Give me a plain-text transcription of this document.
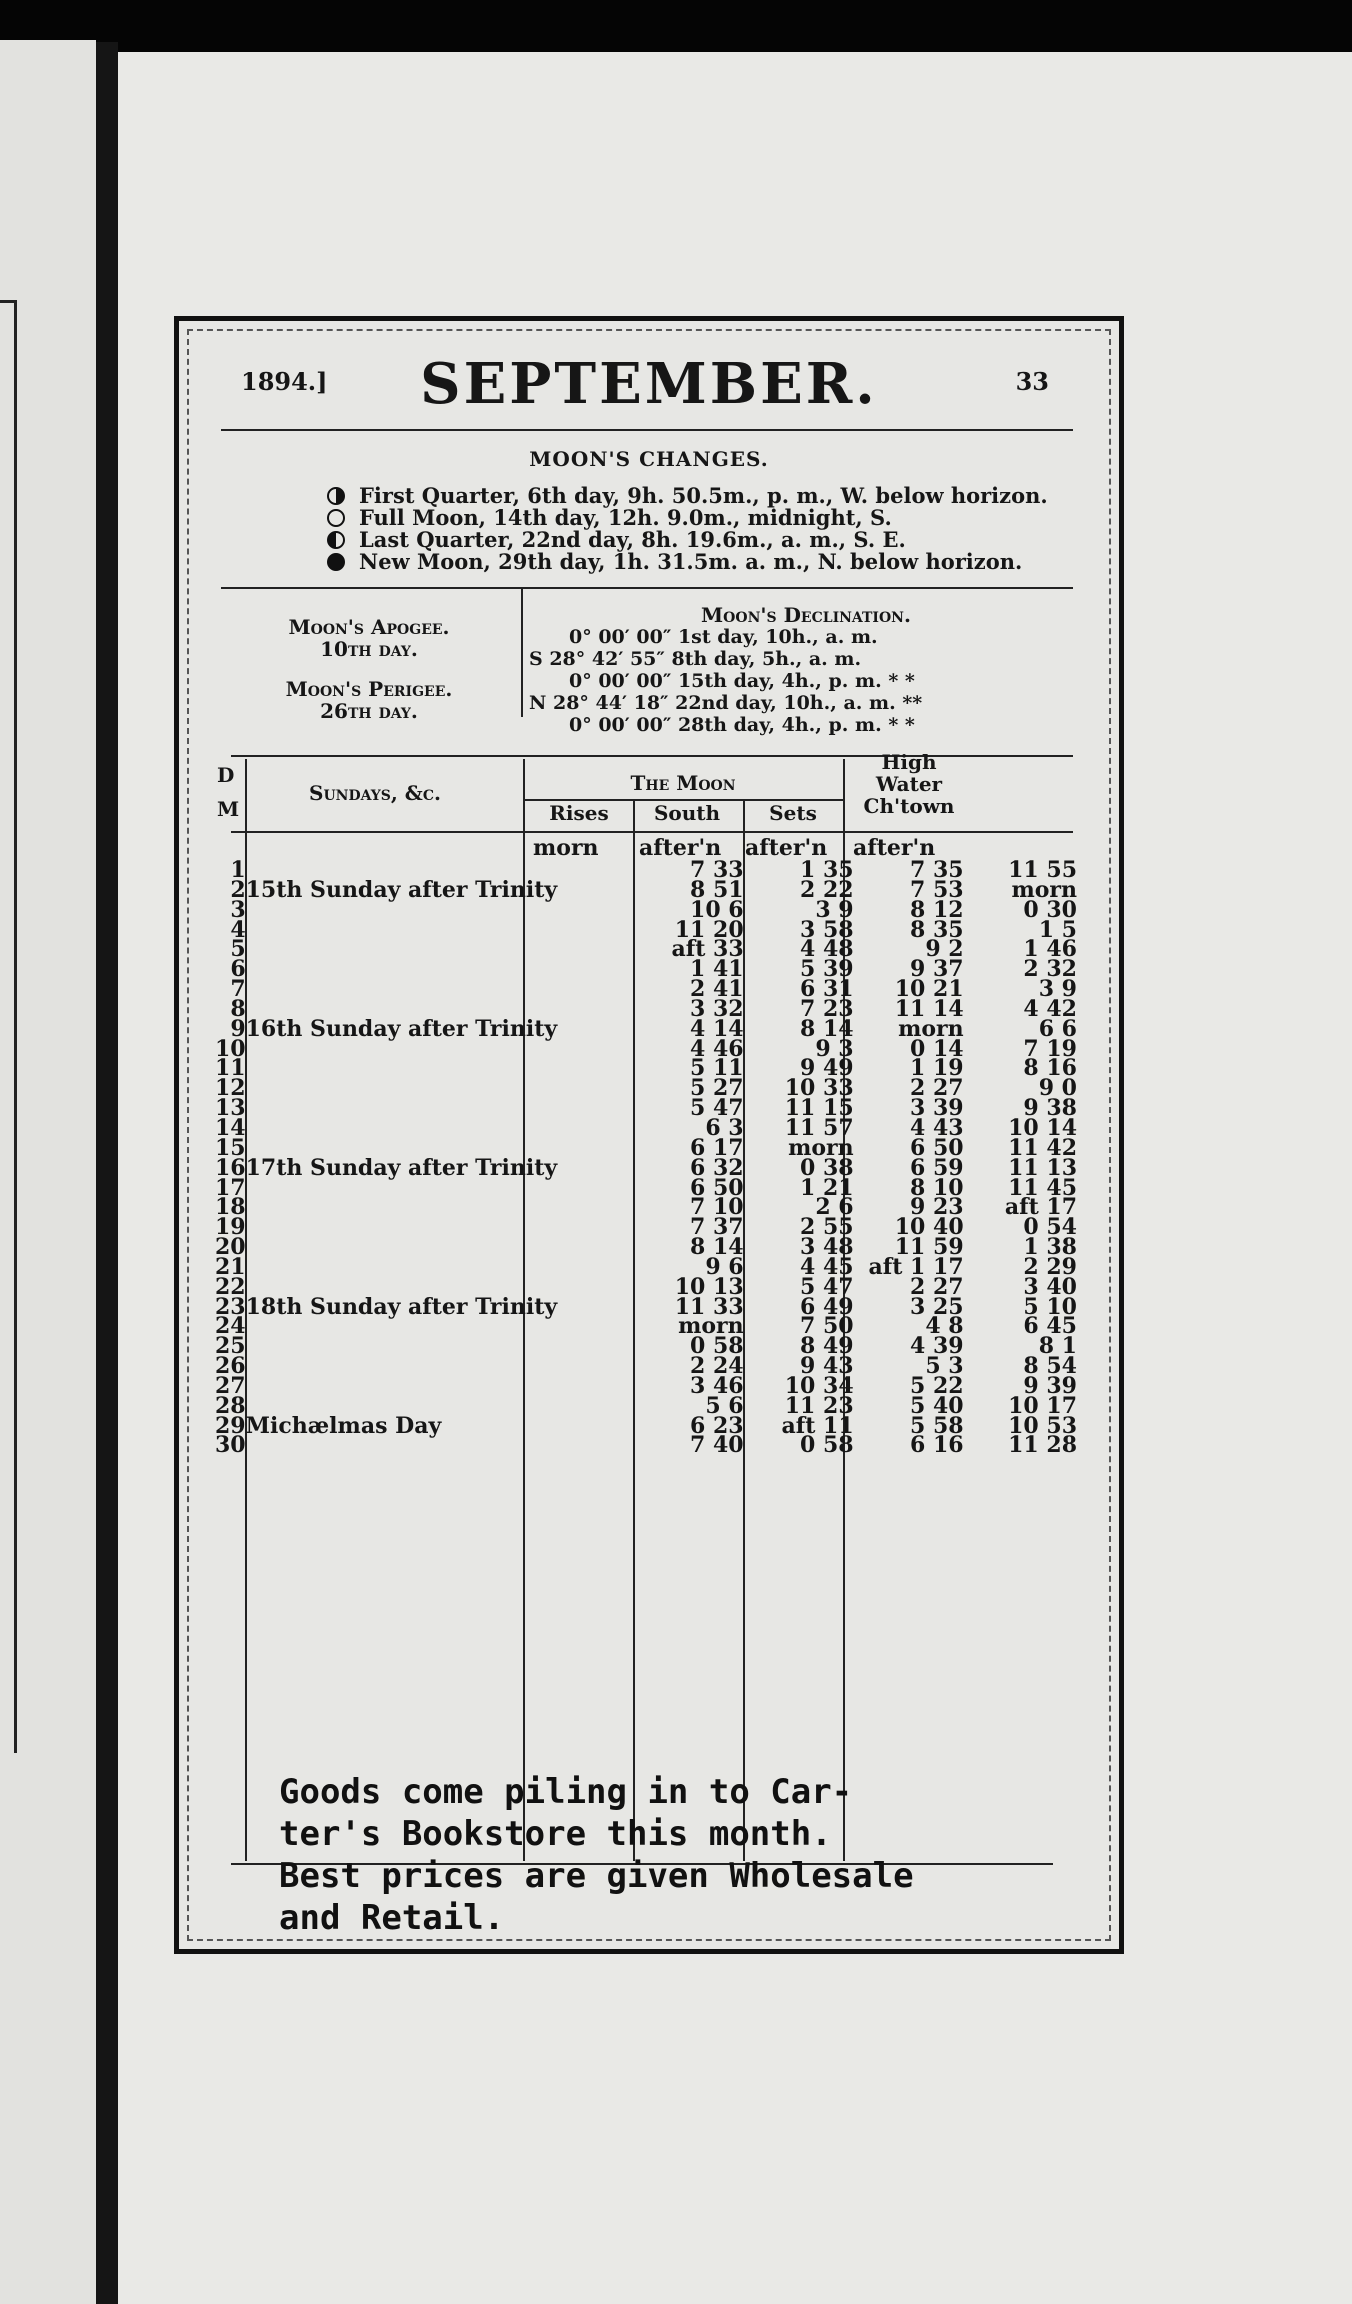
1894.]	SEPTEMBER.	33
MOON'S CHANGES.
First Quarter, 6th day, 9h. 50.5m., p. m., W. below horizon.
Full Moon, 14th day, 12h. 9.0m., midnight, S.
Last Quarter, 22nd day, 8h. 19.6m., a. m., S. E.
New Moon, 29th day, 1h. 31.5m. a. m., N. below horizon.
Moon's Apogee.
10th day.
Moon's Perigee.
26th day.
Moon's Declination.
0° 00′ 00″ 1st day, 10h., a. m.
S 28° 42′ 55″ 8th day, 5h., a. m.
0° 00′ 00″ 15th day, 4h., p. m. * *
N 28° 44′ 18″ 22nd day, 10h., a. m. **
0° 00′ 00″ 28th day, 4h., p. m. * *
D
M
Sundays, &c.	The Moon
Rises	South	Sets
High Water Ch'town
morn after'n after'n after'n
1		7 33	1 35	7 35	11 55
2	15th Sunday after Trinity	8 51	2 22	7 53	morn
3		10 6	3 9	8 12	0 30
4		11 20	3 58	8 35	1 5
5		aft 33	4 48	9 2	1 46
6		1 41	5 39	9 37	2 32
7		2 41	6 31	10 21	3 9
8		3 32	7 23	11 14	4 42
9	16th Sunday after Trinity	4 14	8 14	morn	6 6
10		4 46	9 3	0 14	7 19
11		5 11	9 49	1 19	8 16
12		5 27	10 33	2 27	9 0
13		5 47	11 15	3 39	9 38
14		6 3	11 57	4 43	10 14
15		6 17	morn	6 50	11 42
16	17th Sunday after Trinity	6 32	0 38	6 59	11 13
17		6 50	1 21	8 10	11 45
18		7 10	2 6	9 23	aft 17
19		7 37	2 55	10 40	0 54
20		8 14	3 48	11 59	1 38
21		9 6	4 45	aft 1 17	2 29
22		10 13	5 47	2 27	3 40
23	18th Sunday after Trinity	11 33	6 49	3 25	5 10
24		morn	7 50	4 8	6 45
25		0 58	8 49	4 39	8 1
26		2 24	9 43	5 3	8 54
27		3 46	10 34	5 22	9 39
28		5 6	11 23	5 40	10 17
29	Michælmas Day	6 23	aft 11	5 58	10 53
30		7 40	0 58	6 16	11 28
Goods come piling in to Car-
ter's Bookstore this month.
Best prices are given Wholesale
and Retail.
